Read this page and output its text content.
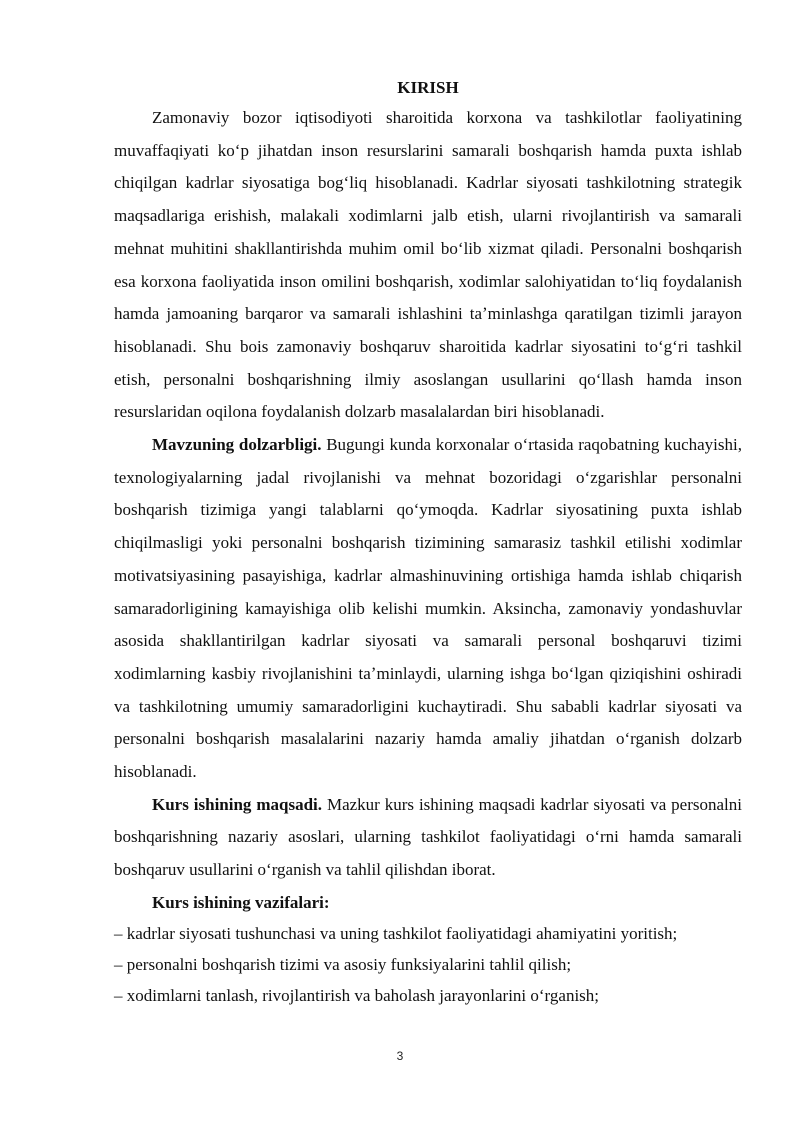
KIRISH

Zamonaviy bozor iqtisodiyoti sharoitida korxona va tashkilotlar faoliyatining muvaffaqiyati koʻp jihatdan inson resurslarini samarali boshqarish hamda puxta ishlab chiqilgan kadrlar siyosatiga bogʻliq hisoblanadi. Kadrlar siyosati tashkilotning strategik maqsadlariga erishish, malakali xodimlarni jalb etish, ularni rivojlantirish va samarali mehnat muhitini shakllantirishda muhim omil boʻlib xizmat qiladi. Personalni boshqarish esa korxona faoliyatida inson omilini boshqarish, xodimlar salohiyatidan toʻliq foydalanish hamda jamoaning barqaror va samarali ishlashini taʼminlashga qaratilgan tizimli jarayon hisoblanadi. Shu bois zamonaviy boshqaruv sharoitida kadrlar siyosatini toʻgʻri tashkil etish, personalni boshqarishning ilmiy asoslangan usullarini qoʻllash hamda inson resurslaridan oqilona foydalanish dolzarb masalalardan biri hisoblanadi.

Mavzuning dolzarbligi. Bugungi kunda korxonalar oʻrtasida raqobatning kuchayishi, texnologiyalarning jadal rivojlanishi va mehnat bozoridagi oʻzgarishlar personalni boshqarish tizimiga yangi talablarni qoʻymoqda. Kadrlar siyosatining puxta ishlab chiqilmasligi yoki personalni boshqarish tizimining samarasiz tashkil etilishi xodimlar motivatsiyasining pasayishiga, kadrlar almashinuvining ortishiga hamda ishlab chiqarish samaradorligining kamayishiga olib kelishi mumkin. Aksincha, zamonaviy yondashuvlar asosida shakllantirilgan kadrlar siyosati va samarali personal boshqaruvi tizimi xodimlarning kasbiy rivojlanishini taʼminlaydi, ularning ishga boʻlgan qiziqishini oshiradi va tashkilotning umumiy samaradorligini kuchaytiradi. Shu sababli kadrlar siyosati va personalni boshqarish masalalarini nazariy hamda amaliy jihatdan oʻrganish dolzarb hisoblanadi.

Kurs ishining maqsadi. Mazkur kurs ishining maqsadi kadrlar siyosati va personalni boshqarishning nazariy asoslari, ularning tashkilot faoliyatidagi oʻrni hamda samarali boshqaruv usullarini oʻrganish va tahlil qilishdan iborat.

Kurs ishining vazifalari:

– kadrlar siyosati tushunchasi va uning tashkilot faoliyatidagi ahamiyatini yoritish;

– personalni boshqarish tizimi va asosiy funksiyalarini tahlil qilish;

– xodimlarni tanlash, rivojlantirish va baholash jarayonlarini oʻrganish;

3
